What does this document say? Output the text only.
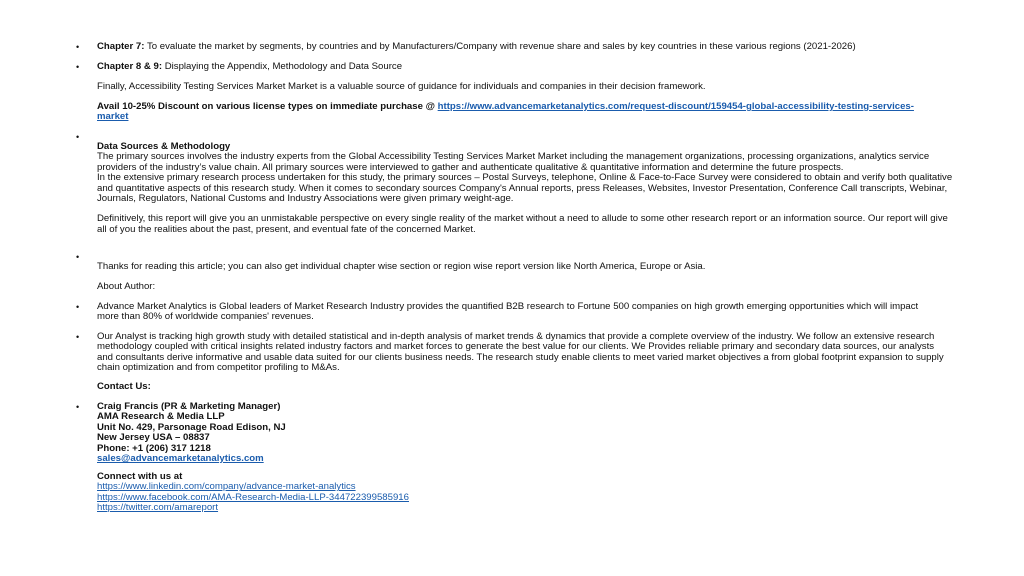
•	Chapter 7: To evaluate the market by segments, by countries and by Manufacturers/Company with revenue share and sales by key countries in these various regions (2021-2026)

•	Chapter 8 & 9: Displaying the Appendix, Methodology and Data Source

Finally, Accessibility Testing Services Market Market is a valuable source of guidance for individuals and companies in their decision framework.

Avail 10-25% Discount on various license types on immediate purchase @ https://www.advancemarketanalytics.com/request-discount/159454-global-accessibility-testing-services-market

•

Data Sources & Methodology

The primary sources involves the industry experts from the Global Accessibility Testing Services Market Market including the management organizations, processing organizations, analytics service providers of the industry’s value chain. All primary sources were interviewed to gather and authenticate qualitative & quantitative information and determine the future prospects.

In the extensive primary research process undertaken for this study, the primary sources – Postal Surveys, telephone, Online & Face-to-Face Survey were considered to obtain and verify both qualitative and quantitative aspects of this research study. When it comes to secondary sources Company's Annual reports, press Releases, Websites, Investor Presentation, Conference Call transcripts, Webinar, Journals, Regulators, National Customs and Industry Associations were given primary weight-age.

Definitively, this report will give you an unmistakable perspective on every single reality of the market without a need to allude to some other research report or an information source. Our report will give all of you the realities about the past, present, and eventual fate of the concerned Market.

•

Thanks for reading this article; you can also get individual chapter wise section or region wise report version like North America, Europe or Asia.

About Author:

•	Advance Market Analytics is Global leaders of Market Research Industry provides the quantified B2B research to Fortune 500 companies on high growth emerging opportunities which will impact more than 80% of worldwide companies' revenues.

•	Our Analyst is tracking high growth study with detailed statistical and in-depth analysis of market trends & dynamics that provide a complete overview of the industry. We follow an extensive research methodology coupled with critical insights related industry factors and market forces to generate the best value for our clients. We Provides reliable primary and secondary data sources, our analysts and consultants derive informative and usable data suited for our clients business needs. The research study enable clients to meet varied market objectives a from global footprint expansion to supply chain optimization and from competitor profiling to M&As.

Contact Us:

•	Craig Francis (PR & Marketing Manager)
AMA Research & Media LLP
Unit No. 429, Parsonage Road Edison, NJ
New Jersey USA – 08837
Phone: +1 (206) 317 1218
sales@advancemarketanalytics.com
Connect with us at
https://www.linkedin.com/company/advance-market-analytics
https://www.facebook.com/AMA-Research-Media-LLP-344722399585916
https://twitter.com/amareport
